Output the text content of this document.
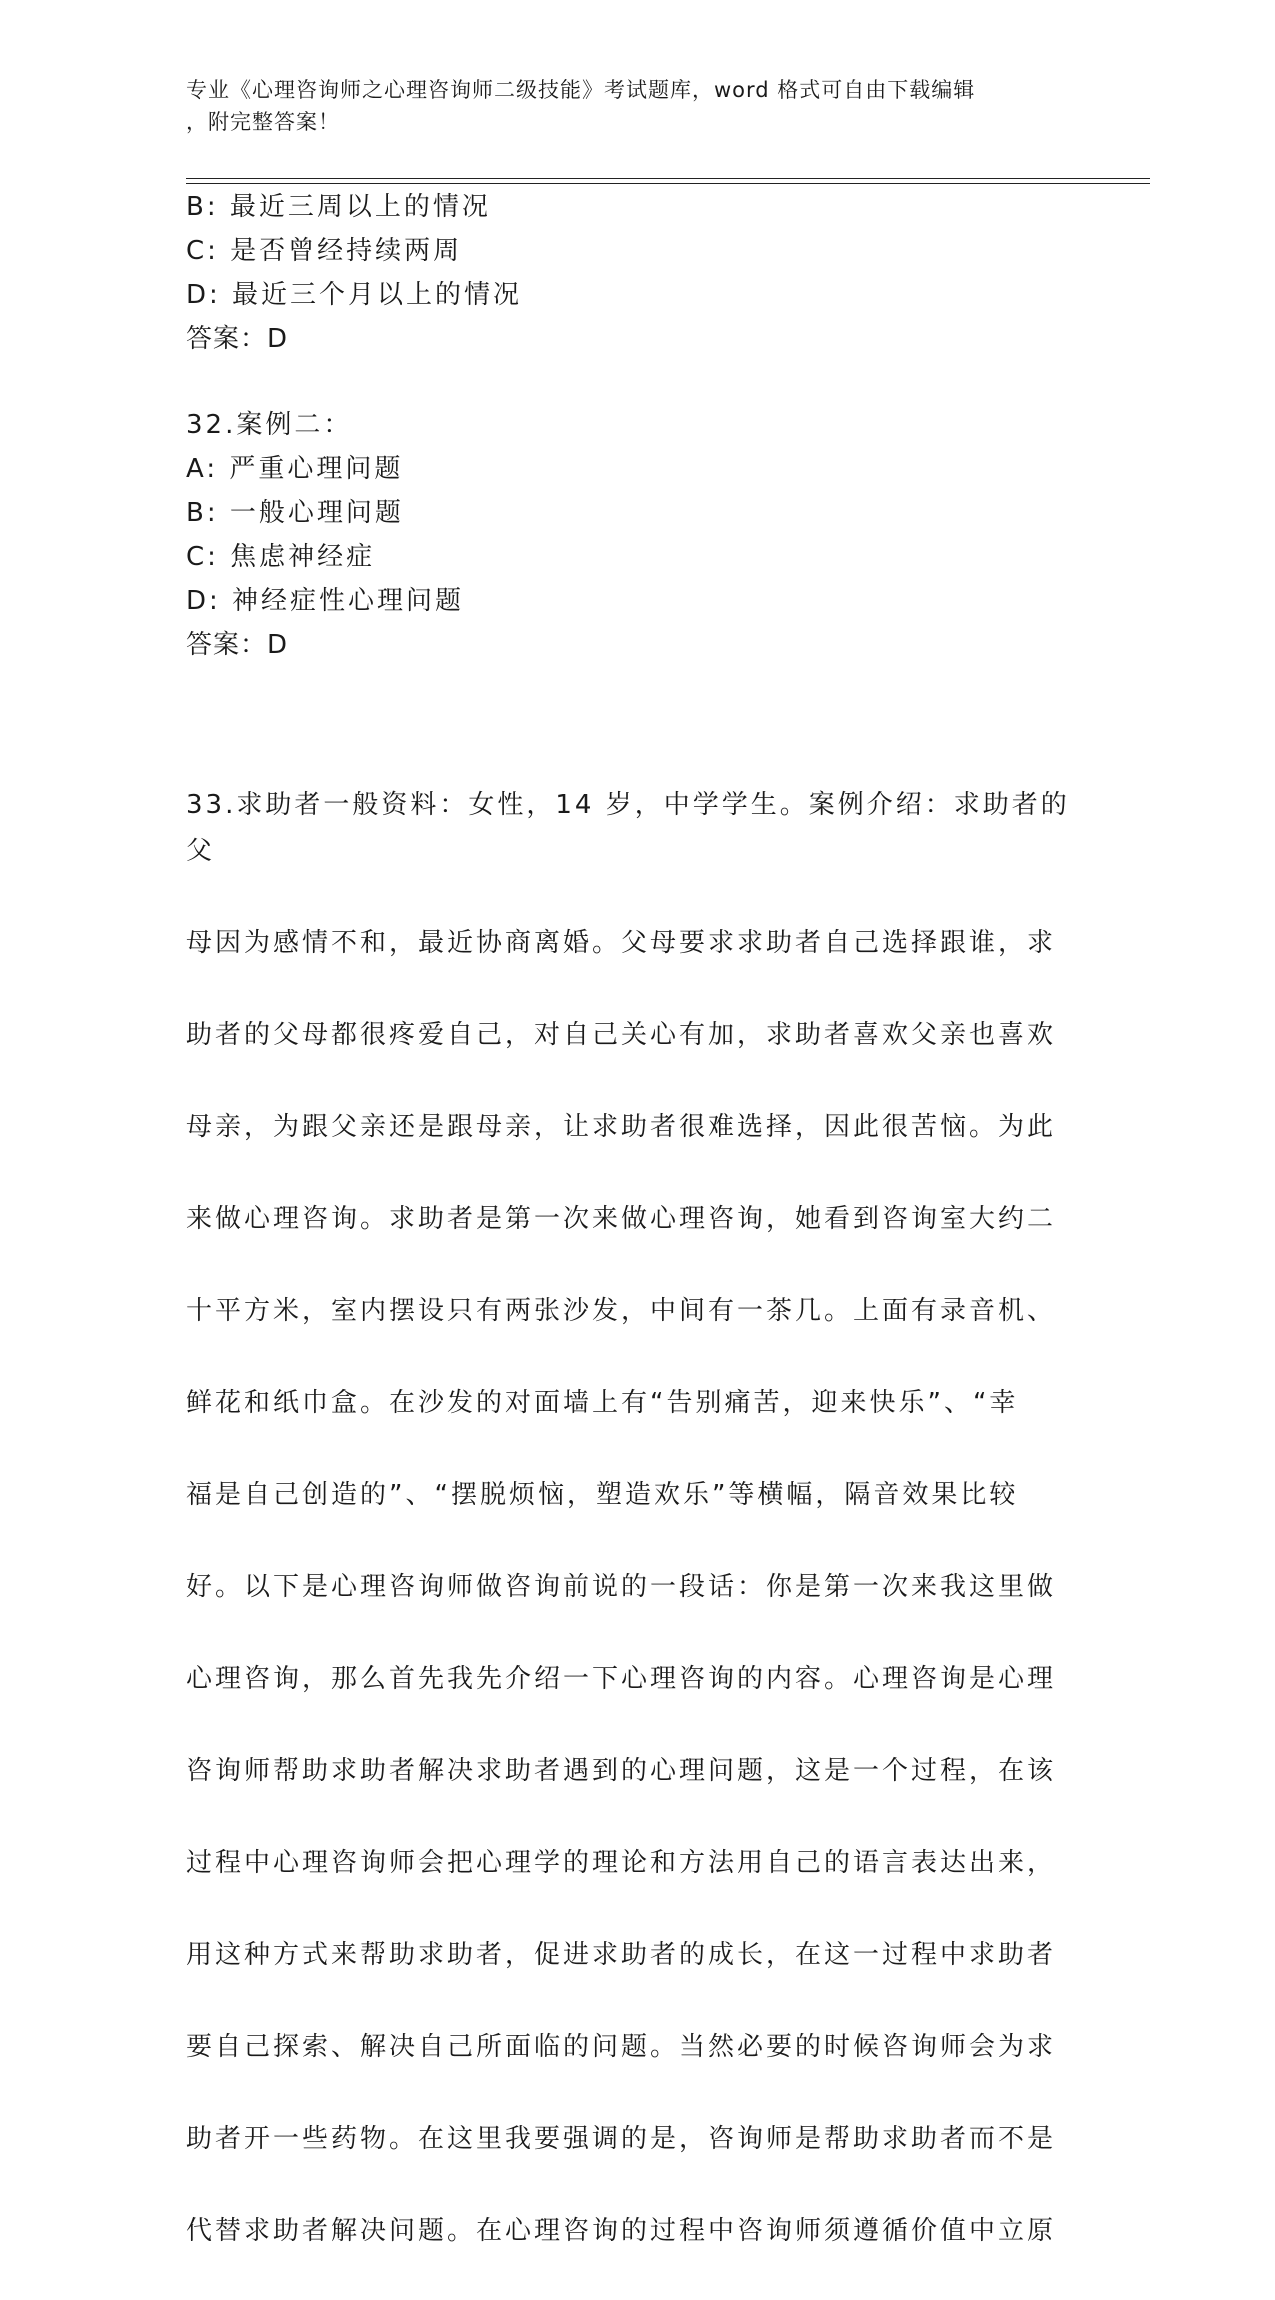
专业《心理咨询师之心理咨询师二级技能》考试题库，word 格式可自由下载编辑
，附完整答案！
B: 最近三周以上的情况
C: 是否曾经持续两周
D: 最近三个月以上的情况
答案：D
32.案例二：
A: 严重心理问题
B: 一般心理问题
C: 焦虑神经症
D: 神经症性心理问题
答案：D

33.求助者一般资料：女性，14 岁，中学学生。案例介绍：求助者的父

母因为感情不和，最近协商离婚。父母要求求助者自己选择跟谁，求

助者的父母都很疼爱自己，对自己关心有加，求助者喜欢父亲也喜欢

母亲，为跟父亲还是跟母亲，让求助者很难选择，因此很苦恼。为此

来做心理咨询。求助者是第一次来做心理咨询，她看到咨询室大约二

十平方米，室内摆设只有两张沙发，中间有一茶几。上面有录音机、

鲜花和纸巾盒。在沙发的对面墙上有“告别痛苦，迎来快乐”、“幸

福是自己创造的”、“摆脱烦恼，塑造欢乐”等横幅，隔音效果比较

好。以下是心理咨询师做咨询前说的一段话：你是第一次来我这里做

心理咨询，那么首先我先介绍一下心理咨询的内容。心理咨询是心理

咨询师帮助求助者解决求助者遇到的心理问题，这是一个过程，在该

过程中心理咨询师会把心理学的理论和方法用自己的语言表达出来，

用这种方式来帮助求助者，促进求助者的成长，在这一过程中求助者

要自己探索、解决自己所面临的问题。当然必要的时候咨询师会为求

助者开一些药物。在这里我要强调的是，咨询师是帮助求助者而不是

代替求助者解决问题。在心理咨询的过程中咨询师须遵循价值中立原
